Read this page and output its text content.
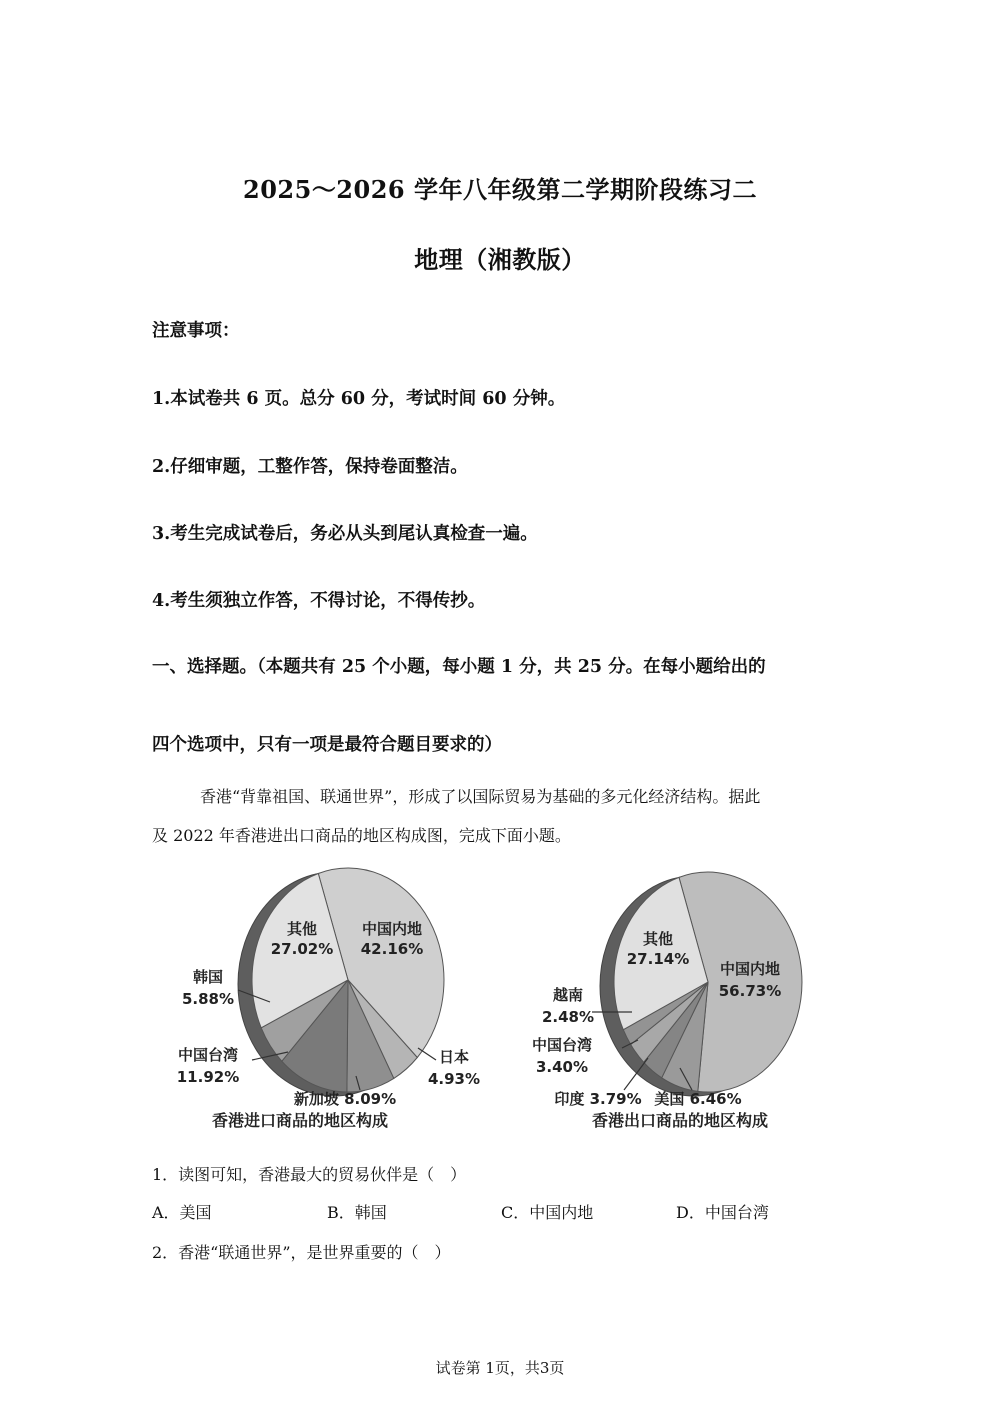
2025～2026 学年八年级第二学期阶段练习二
地理（湘教版）
注意事项：
1.本试卷共 6 页。总分 60 分，考试时间 60 分钟。
2.仔细审题，工整作答，保持卷面整洁。
3.考生完成试卷后，务必从头到尾认真检查一遍。
4.考生须独立作答，不得讨论，不得传抄。
一、选择题。（本题共有 25 个小题，每小题 1 分，共 25 分。在每小题给出的
四个选项中，只有一项是最符合题目要求的）
香港“背靠祖国、联通世界”，形成了以国际贸易为基础的多元化经济结构。据此
及 2022 年香港进出口商品的地区构成图，完成下面小题。
中国内地
42.16%
日本
4.93%
新加坡 8.09%
中国台湾
11.92%
韩国
5.88%
其他
27.02%
香港进口商品的地区构成
中国内地
56.73%
美国 6.46%
印度 3.79%
中国台湾
3.40%
越南
2.48%
其他
27.14%
香港出口商品的地区构成
1．读图可知，香港最大的贸易伙伴是（　）
A．美国	B．韩国	C．中国内地	D．中国台湾
2．香港“联通世界”，是世界重要的（　）
试卷第 1页，共3页
